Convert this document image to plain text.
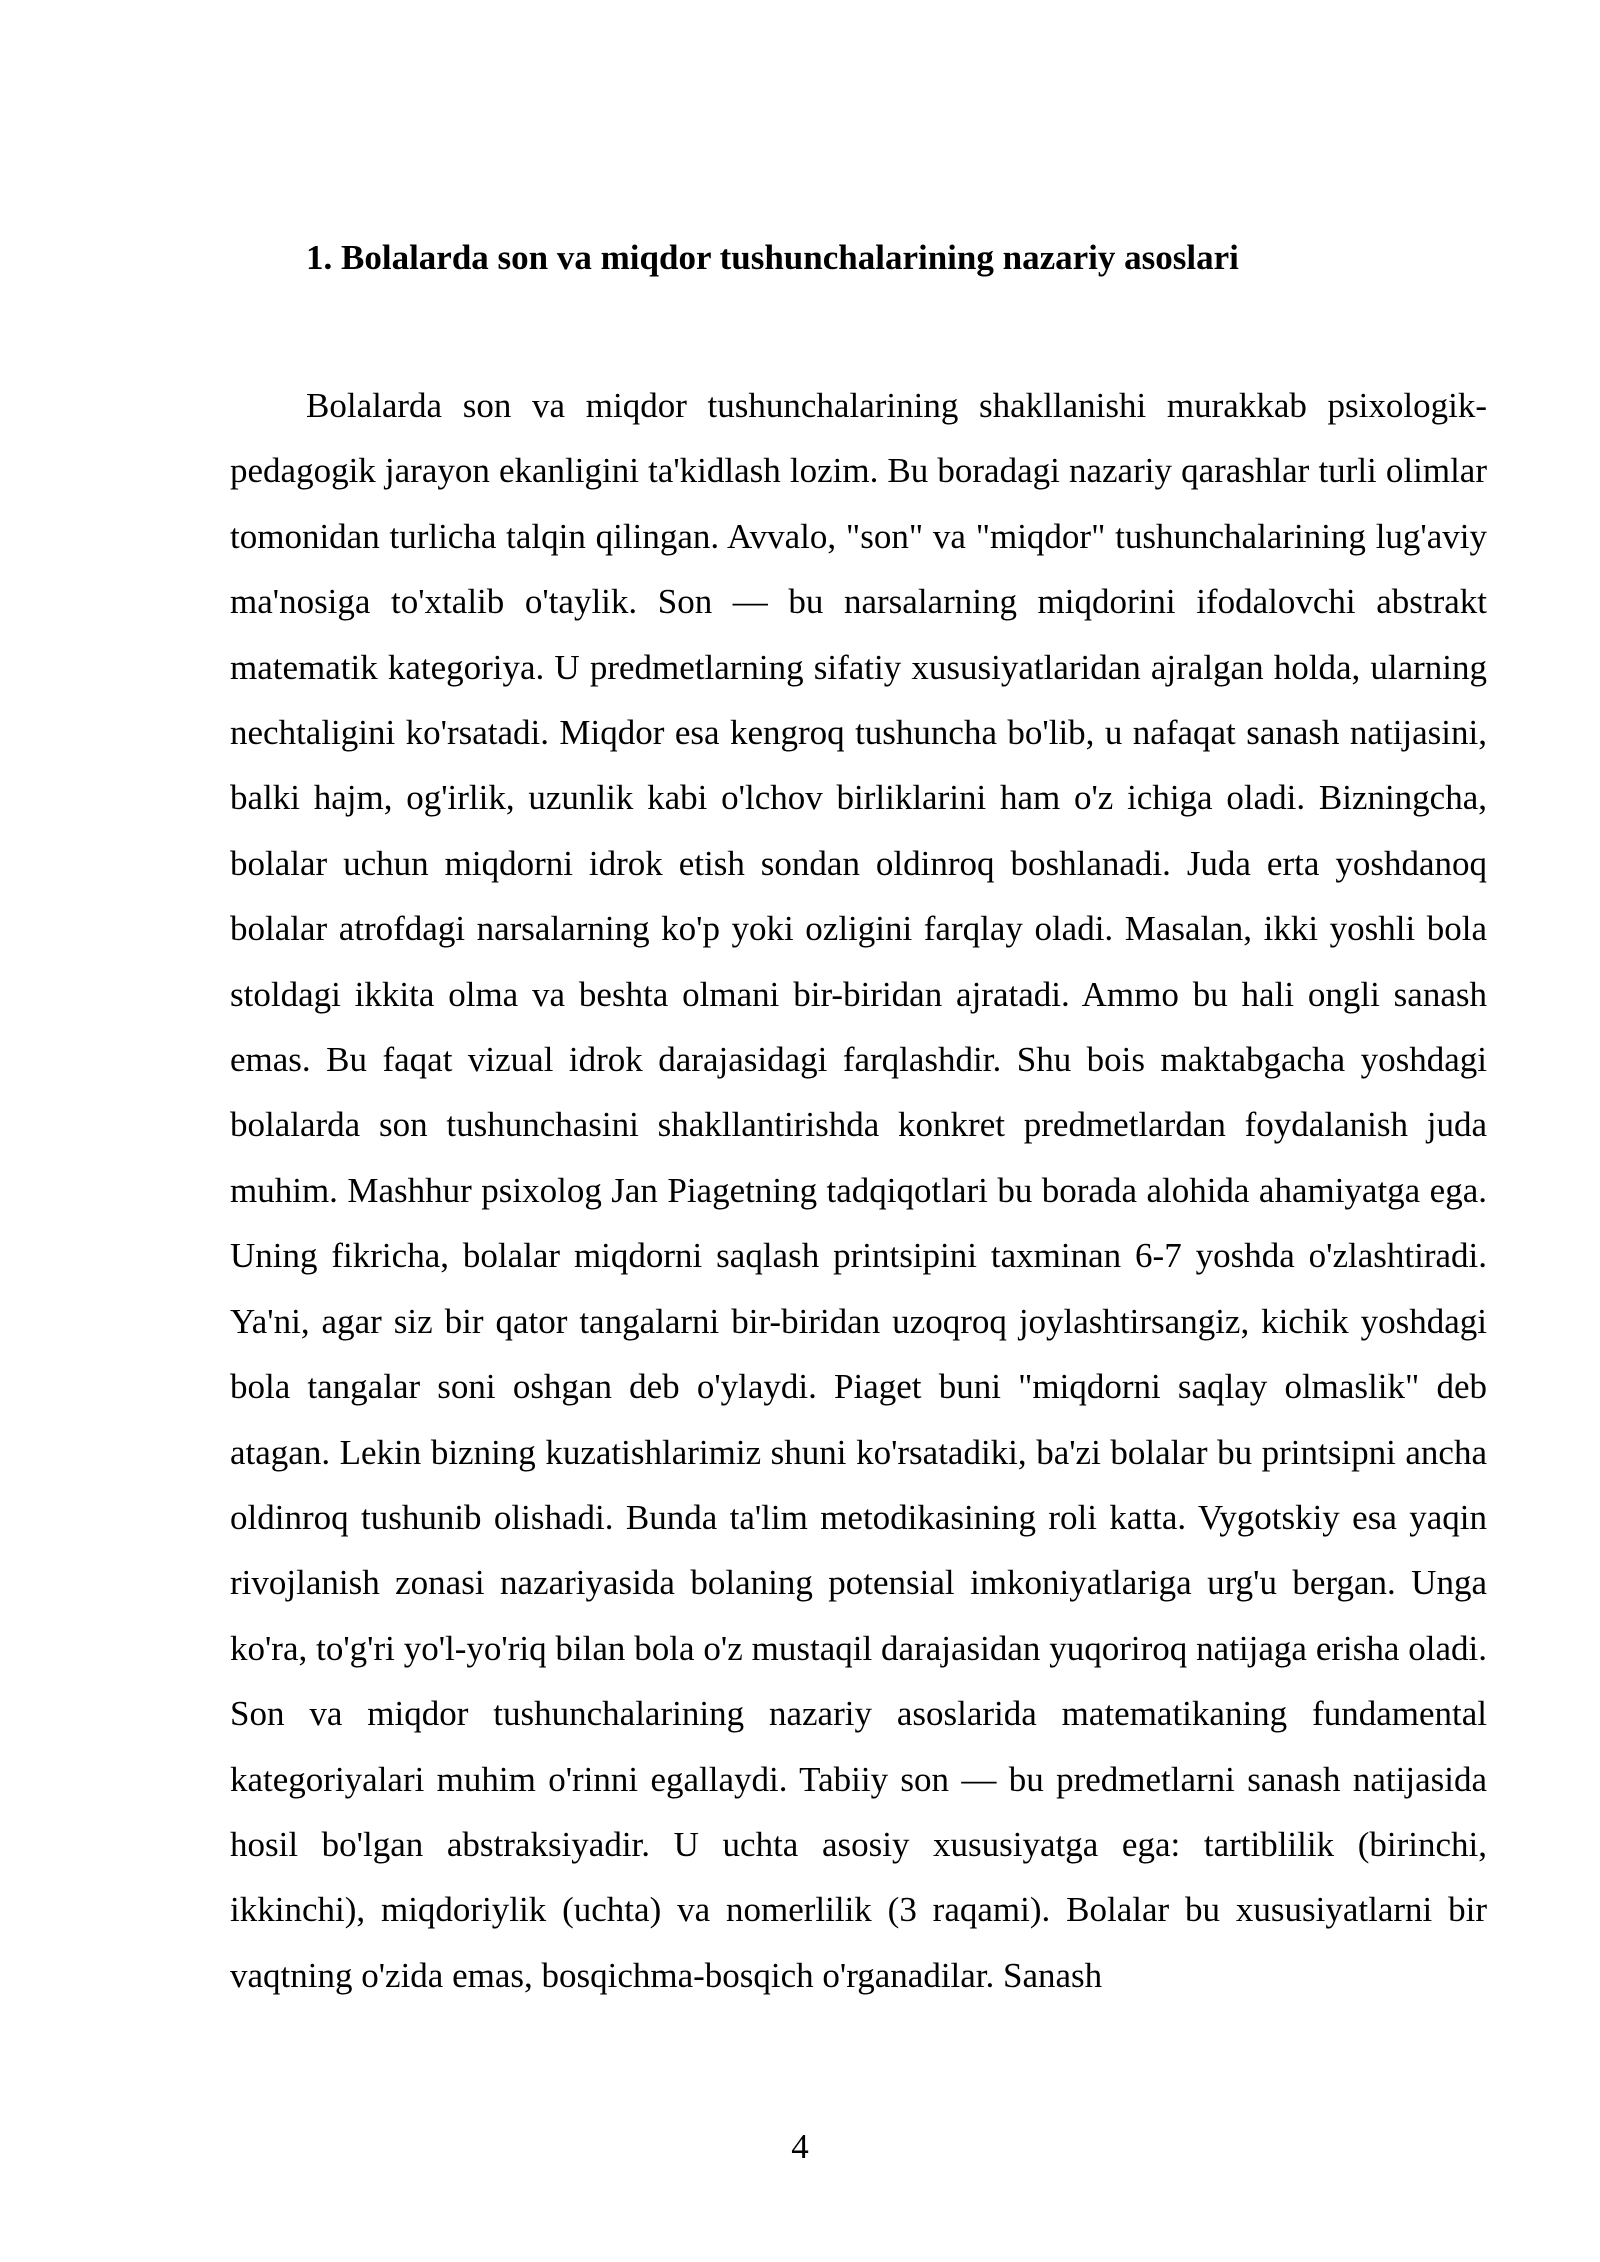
1. Bolalarda son va miqdor tushunchalarining nazariy asoslari

Bolalarda son va miqdor tushunchalarining shakllanishi murakkab psixologik-pedagogik jarayon ekanligini ta'kidlash lozim. Bu boradagi nazariy qarashlar turli olimlar tomonidan turlicha talqin qilingan. Avvalo, "son" va "miqdor" tushunchalarining lug'aviy ma'nosiga to'xtalib o'taylik. Son — bu narsalarning miqdorini ifodalovchi abstrakt matematik kategoriya. U predmetlarning sifatiy xususiyatlaridan ajralgan holda, ularning nechtaligini ko'rsatadi. Miqdor esa kengroq tushuncha bo'lib, u nafaqat sanash natijasini, balki hajm, og'irlik, uzunlik kabi o'lchov birliklarini ham o'z ichiga oladi. Bizningcha, bolalar uchun miqdorni idrok etish sondan oldinroq boshlanadi. Juda erta yoshdanoq bolalar atrofdagi narsalarning ko'p yoki ozligini farqlay oladi. Masalan, ikki yoshli bola stoldagi ikkita olma va beshta olmani bir-biridan ajratadi. Ammo bu hali ongli sanash emas. Bu faqat vizual idrok darajasidagi farqlashdir. Shu bois maktabgacha yoshdagi bolalarda son tushunchasini shakllantirishda konkret predmetlardan foydalanish juda muhim. Mashhur psixolog Jan Piagetning tadqiqotlari bu borada alohida ahamiyatga ega. Uning fikricha, bolalar miqdorni saqlash printsipini taxminan 6-7 yoshda o'zlashtiradi. Ya'ni, agar siz bir qator tangalarni bir-biridan uzoqroq joylashtirsangiz, kichik yoshdagi bola tangalar soni oshgan deb o'ylaydi. Piaget buni "miqdorni saqlay olmaslik" deb atagan. Lekin bizning kuzatishlarimiz shuni ko'rsatadiki, ba'zi bolalar bu printsipni ancha oldinroq tushunib olishadi. Bunda ta'lim metodikasining roli katta. Vygotskiy esa yaqin rivojlanish zonasi nazariyasida bolaning potensial imkoniyatlariga urg'u bergan. Unga ko'ra, to'g'ri yo'l-yo'riq bilan bola o'z mustaqil darajasidan yuqoriroq natijaga erisha oladi. Son va miqdor tushunchalarining nazariy asoslarida matematikaning fundamental kategoriyalari muhim o'rinni egallaydi. Tabiiy son — bu predmetlarni sanash natijasida hosil bo'lgan abstraksiyadir. U uchta asosiy xususiyatga ega: tartiblilik (birinchi, ikkinchi), miqdoriylik (uchta) va nomerlilik (3 raqami). Bolalar bu xususiyatlarni bir vaqtning o'zida emas, bosqichma-bosqich o'rganadilar. Sanash

4
